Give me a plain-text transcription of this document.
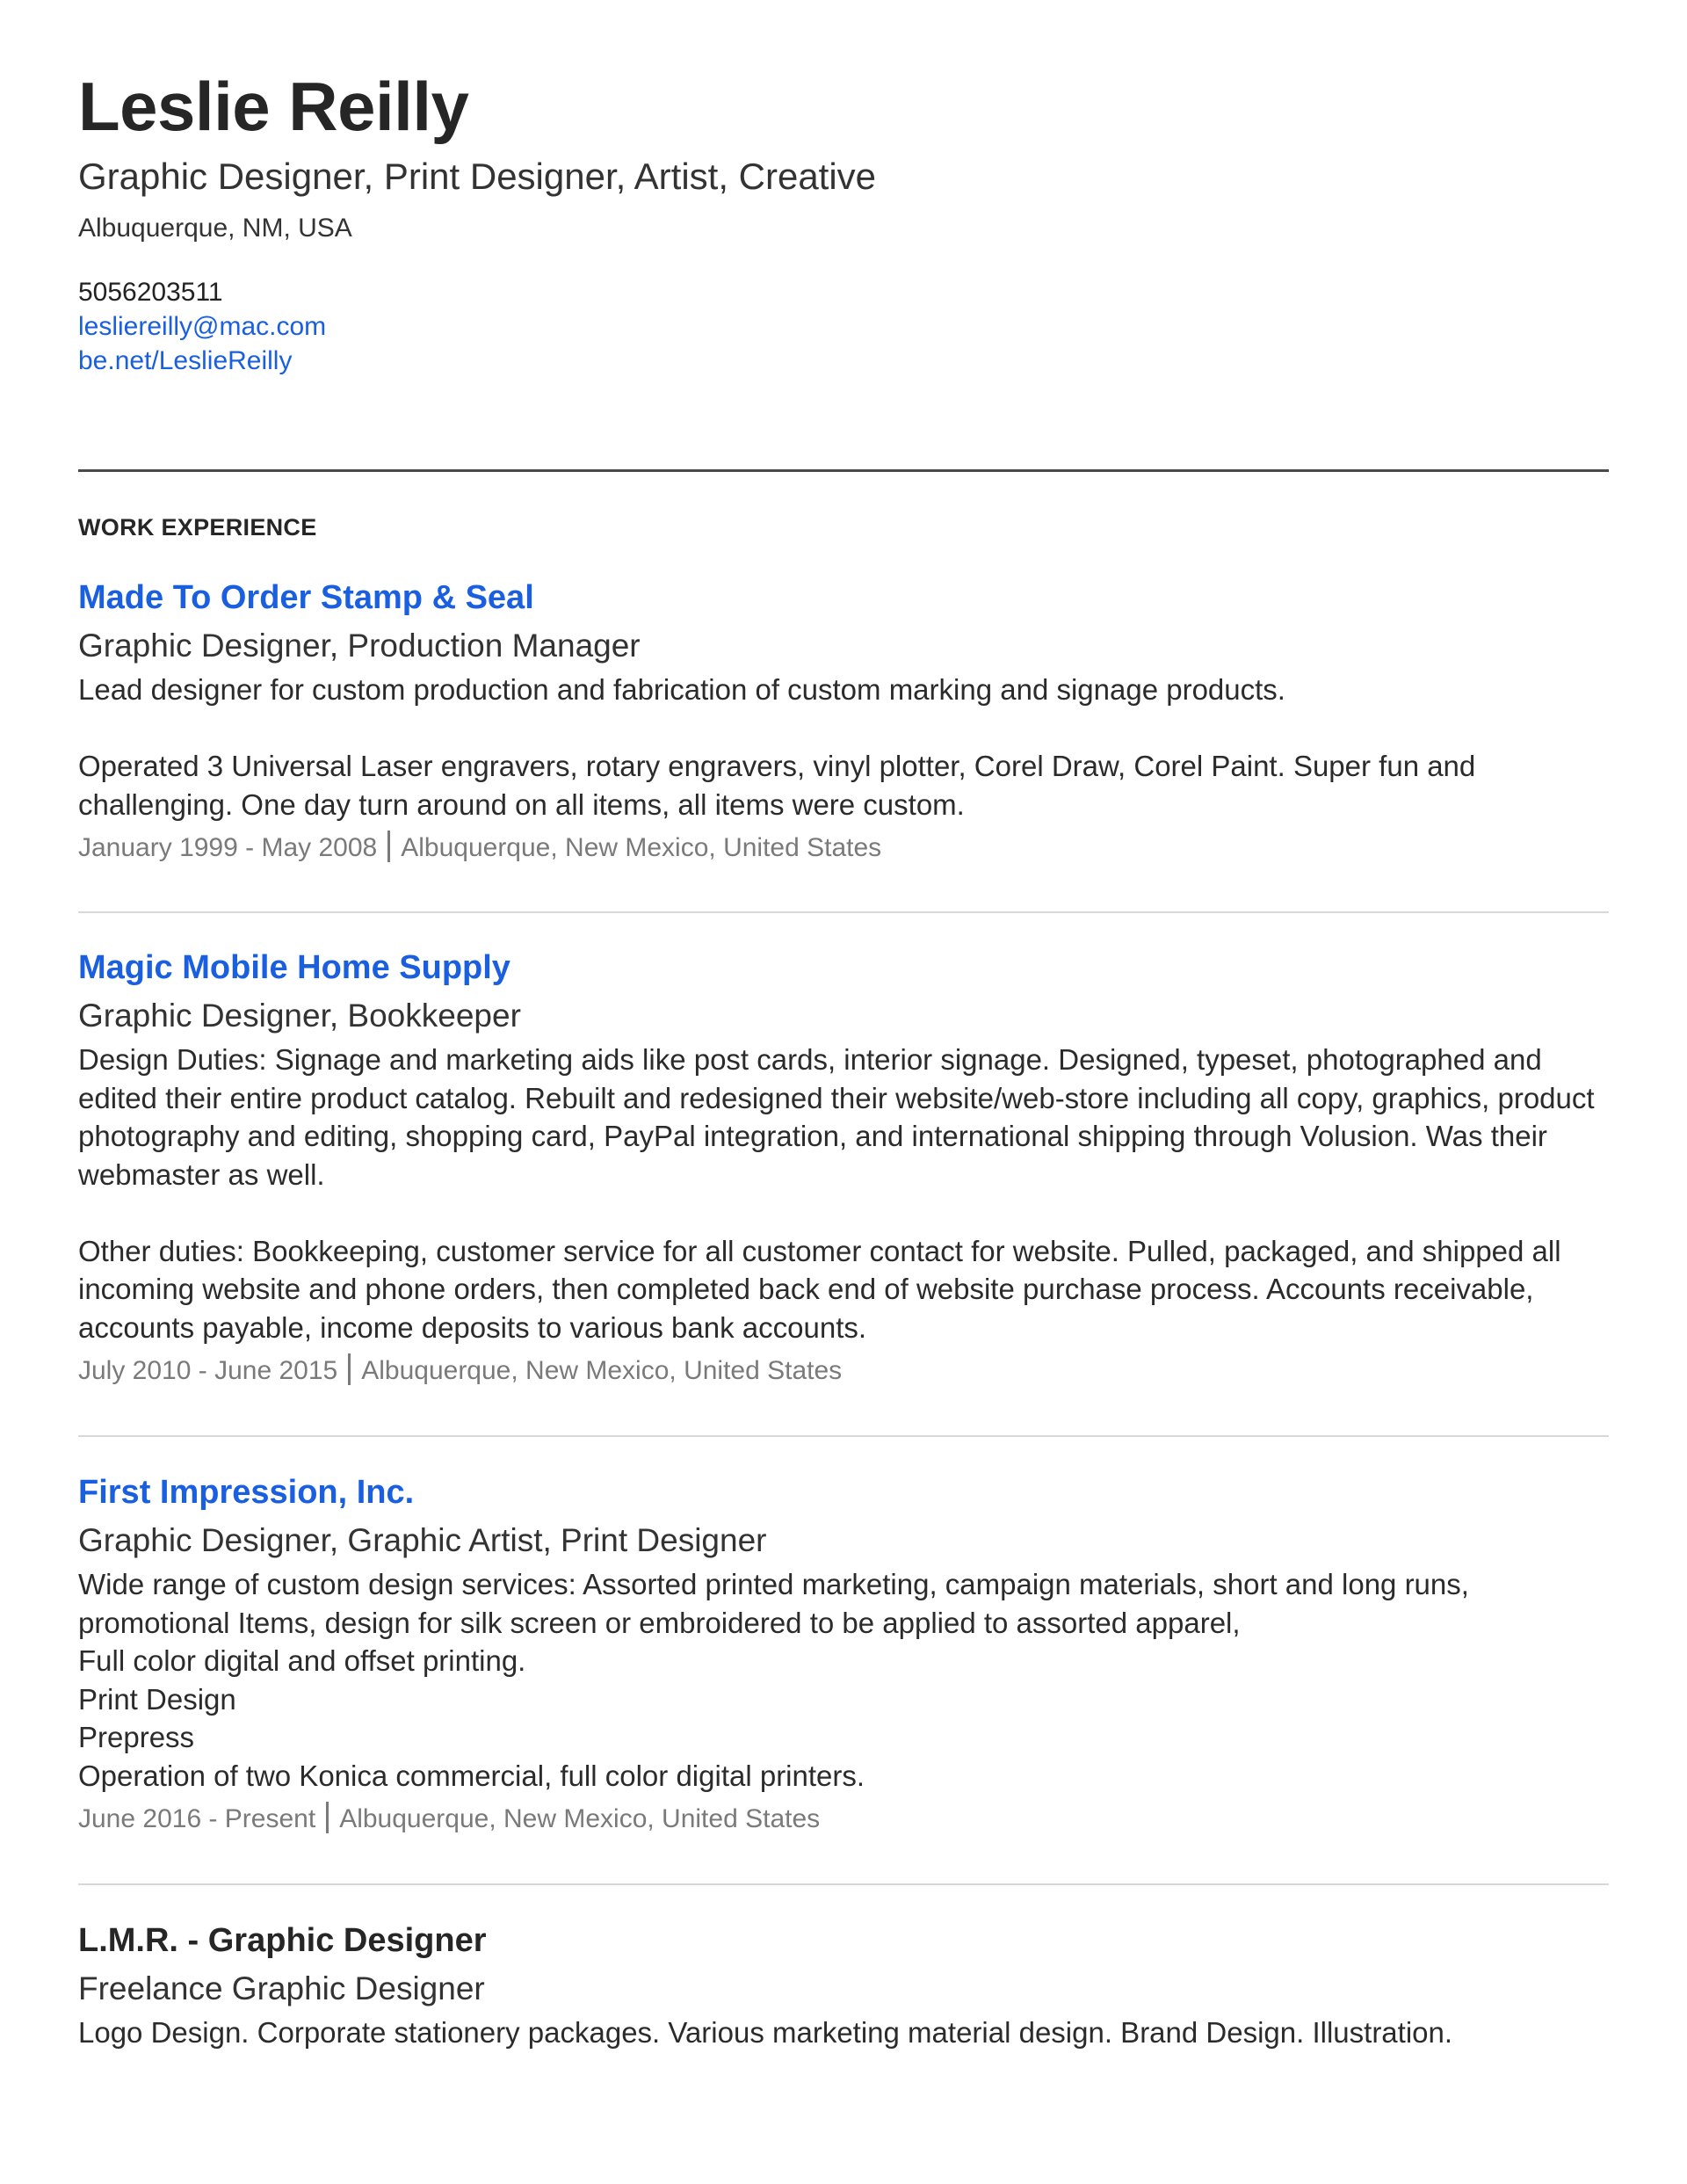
Leslie Reilly
Graphic Designer, Print Designer, Artist, Creative
Albuquerque, NM, USA
5056203511
lesliereilly@mac.com
be.net/LeslieReilly
WORK EXPERIENCE
Made To Order Stamp & Seal
Graphic Designer, Production Manager
Lead designer for custom production and fabrication of custom marking and signage products.

Operated 3 Universal Laser engravers, rotary engravers, vinyl plotter, Corel Draw, Corel Paint. Super fun and challenging. One day turn around on all items, all items were custom.
January 1999 - May 2008 Albuquerque, New Mexico, United States
Magic Mobile Home Supply
Graphic Designer, Bookkeeper
Design Duties: Signage and marketing aids like post cards, interior signage. Designed, typeset, photographed and edited their entire product catalog. Rebuilt and redesigned their website/web-store including all copy, graphics, product photography and editing, shopping card, PayPal integration, and international shipping through Volusion. Was their webmaster as well.

Other duties: Bookkeeping, customer service for all customer contact for website. Pulled, packaged, and shipped all incoming website and phone orders, then completed back end of website purchase process. Accounts receivable, accounts payable, income deposits to various bank accounts.
July 2010 - June 2015 Albuquerque, New Mexico, United States
First Impression, Inc.
Graphic Designer, Graphic Artist, Print Designer
Wide range of custom design services: Assorted printed marketing, campaign materials, short and long runs, promotional Items, design for silk screen or embroidered to be applied to assorted apparel,
Full color digital and offset printing.
Print Design
Prepress
Operation of two Konica commercial, full color digital printers.
June 2016 - Present Albuquerque, New Mexico, United States
L.M.R. - Graphic Designer
Freelance Graphic Designer
Logo Design. Corporate stationery packages. Various marketing material design. Brand Design. Illustration.
